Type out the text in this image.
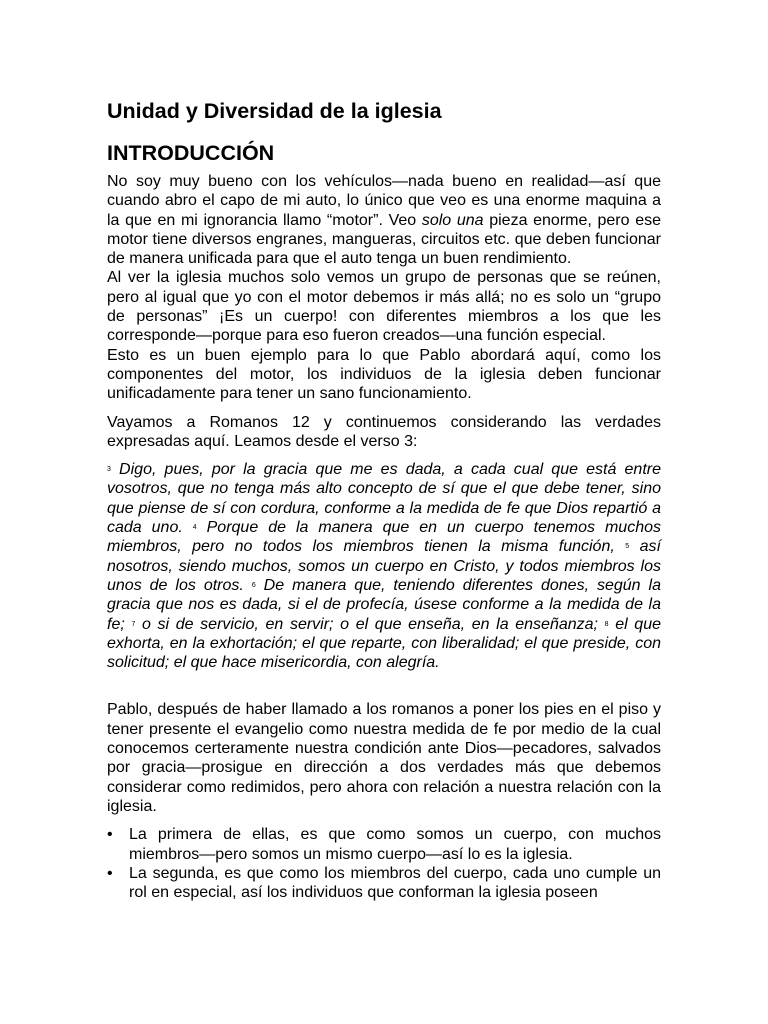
Unidad y Diversidad de la iglesia
INTRODUCCIÓN

No soy muy bueno con los vehículos—nada bueno en realidad—así que cuando abro el capo de mi auto, lo único que veo es una enorme maquina a la que en mi ignorancia llamo “motor”. Veo solo una pieza enorme, pero ese motor tiene diversos engranes, mangueras, circuitos etc. que deben funcionar de manera unificada para que el auto tenga un buen rendimiento.

Al ver la iglesia muchos solo vemos un grupo de personas que se reúnen, pero al igual que yo con el motor debemos ir más allá; no es solo un “grupo de personas” ¡Es un cuerpo! con diferentes miembros a los que les corresponde—porque para eso fueron creados—una función especial.

Esto es un buen ejemplo para lo que Pablo abordará aquí, como los componentes del motor, los individuos de la iglesia deben funcionar unificadamente para tener un sano funcionamiento.

Vayamos a Romanos 12 y continuemos considerando las verdades expresadas aquí. Leamos desde el verso 3:

3 Digo, pues, por la gracia que me es dada, a cada cual que está entre vosotros, que no tenga más alto concepto de sí que el que debe tener, sino que piense de sí con cordura, conforme a la medida de fe que Dios repartió a cada uno. 4 Porque de la manera que en un cuerpo tenemos muchos miembros, pero no todos los miembros tienen la misma función, 5 así nosotros, siendo muchos, somos un cuerpo en Cristo, y todos miembros los unos de los otros. 6 De manera que, teniendo diferentes dones, según la gracia que nos es dada, si el de profecía, úsese conforme a la medida de la fe; 7 o si de servicio, en servir; o el que enseña, en la enseñanza; 8 el que exhorta, en la exhortación; el que reparte, con liberalidad; el que preside, con solicitud; el que hace misericordia, con alegría.

Pablo, después de haber llamado a los romanos a poner los pies en el piso y tener presente el evangelio como nuestra medida de fe por medio de la cual conocemos certeramente nuestra condición ante Dios—pecadores, salvados por gracia—prosigue en dirección a dos verdades más que debemos considerar como redimidos, pero ahora con relación a nuestra relación con la iglesia.

• La primera de ellas, es que como somos un cuerpo, con muchos miembros—pero somos un mismo cuerpo—así lo es la iglesia.
• La segunda, es que como los miembros del cuerpo, cada uno cumple un rol en especial, así los individuos que conforman la iglesia poseen
